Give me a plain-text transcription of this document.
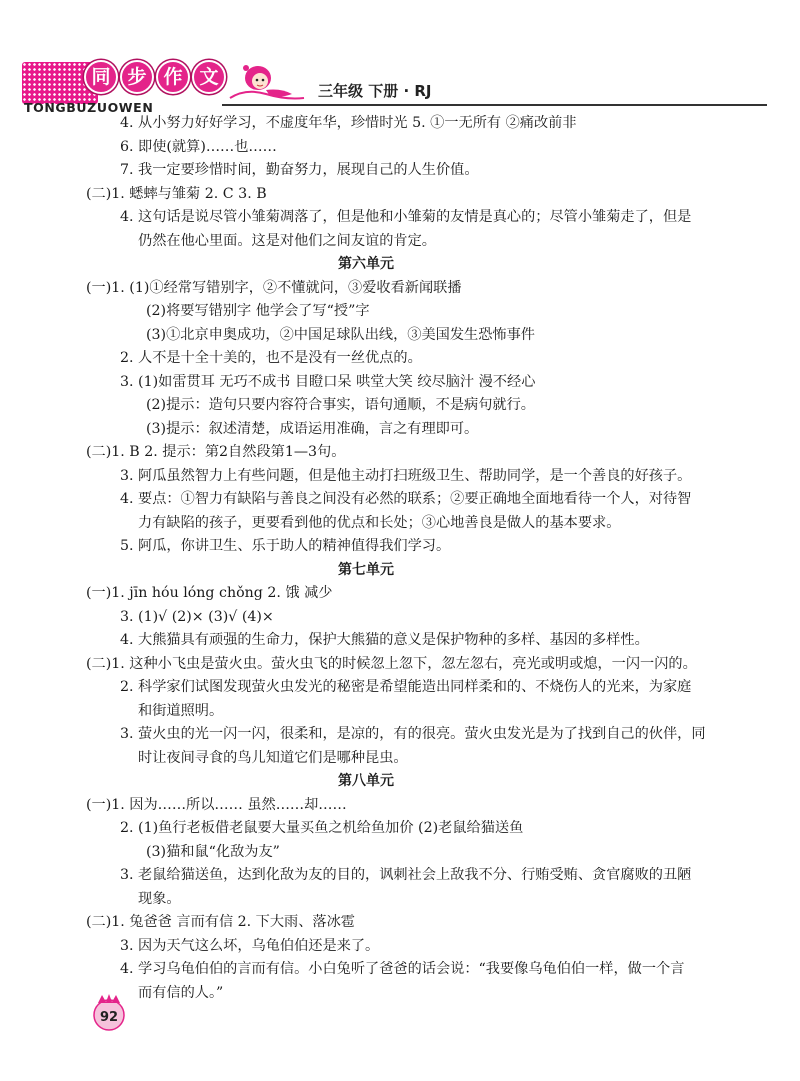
同 步 作 文
TONGBUZUOWEN
三年级 下册 · RJ
4. 从小努力好好学习，不虚度年华，珍惜时光 5. ①一无所有 ②痛改前非
6. 即使(就算)……也……
7. 我一定要珍惜时间，勤奋努力，展现自己的人生价值。
(二)1. 蟋蟀与雏菊 2. C 3. B
4. 这句话是说尽管小雏菊凋落了，但是他和小雏菊的友情是真心的；尽管小雏菊走了，但是
仍然在他心里面。这是对他们之间友谊的肯定。
第六单元
(一)1. (1)①经常写错别字，②不懂就问，③爱收看新闻联播
(2)将要写错别字 他学会了写“授”字
(3)①北京申奥成功，②中国足球队出线，③美国发生恐怖事件
2. 人不是十全十美的，也不是没有一丝优点的。
3. (1)如雷贯耳 无巧不成书 目瞪口呆 哄堂大笑 绞尽脑汁 漫不经心
(2)提示：造句只要内容符合事实，语句通顺，不是病句就行。
(3)提示：叙述清楚，成语运用准确，言之有理即可。
(二)1. B 2. 提示：第2自然段第1—3句。
3. 阿瓜虽然智力上有些问题，但是他主动打扫班级卫生、帮助同学，是一个善良的好孩子。
4. 要点：①智力有缺陷与善良之间没有必然的联系；②要正确地全面地看待一个人，对待智
力有缺陷的孩子，更要看到他的优点和长处；③心地善良是做人的基本要求。
5. 阿瓜，你讲卫生、乐于助人的精神值得我们学习。
第七单元
(一)1. jīn hóu lóng chǒng 2. 饿 减少
3. (1)√ (2)× (3)√ (4)×
4. 大熊猫具有顽强的生命力，保护大熊猫的意义是保护物种的多样、基因的多样性。
(二)1. 这种小飞虫是萤火虫。萤火虫飞的时候忽上忽下，忽左忽右，亮光或明或熄，一闪一闪的。
2. 科学家们试图发现萤火虫发光的秘密是希望能造出同样柔和的、不烧伤人的光来，为家庭
和街道照明。
3. 萤火虫的光一闪一闪，很柔和，是凉的，有的很亮。萤火虫发光是为了找到自己的伙伴，同
时让夜间寻食的鸟儿知道它们是哪种昆虫。
第八单元
(一)1. 因为……所以…… 虽然……却……
2. (1)鱼行老板借老鼠要大量买鱼之机给鱼加价 (2)老鼠给猫送鱼
(3)猫和鼠“化敌为友”
3. 老鼠给猫送鱼，达到化敌为友的目的，讽刺社会上敌我不分、行贿受贿、贪官腐败的丑陋
现象。
(二)1. 兔爸爸 言而有信 2. 下大雨、落冰雹
3. 因为天气这么坏，乌龟伯伯还是来了。
4. 学习乌龟伯伯的言而有信。小白兔听了爸爸的话会说：“我要像乌龟伯伯一样，做一个言
而有信的人。”
92
